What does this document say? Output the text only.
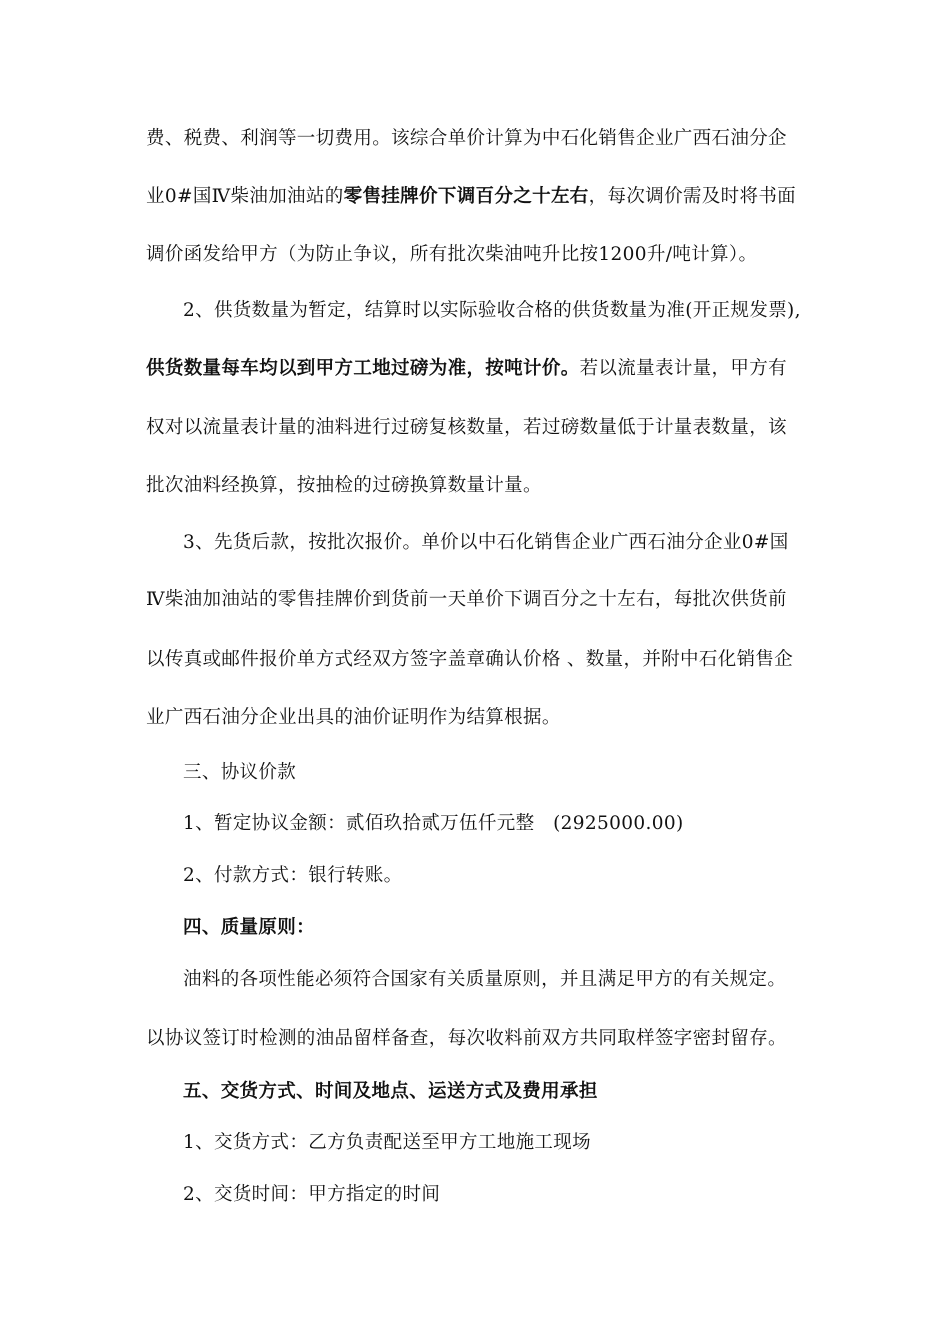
费、税费、利润等一切费用。该综合单价计算为中石化销售企业广西石油分企
业0#国Ⅳ柴油加油站的零售挂牌价下调百分之十左右，每次调价需及时将书面
调价函发给甲方（为防止争议，所有批次柴油吨升比按1200升/吨计算）。
2、供货数量为暂定，结算时以实际验收合格的供货数量为准(开正规发票),
供货数量每车均以到甲方工地过磅为准，按吨计价。若以流量表计量，甲方有
权对以流量表计量的油料进行过磅复核数量，若过磅数量低于计量表数量，该
批次油料经换算，按抽检的过磅换算数量计量。
3、先货后款，按批次报价。单价以中石化销售企业广西石油分企业0#国
Ⅳ柴油加油站的零售挂牌价到货前一天单价下调百分之十左右，每批次供货前
以传真或邮件报价单方式经双方签字盖章确认价格 、数量，并附中石化销售企
业广西石油分企业出具的油价证明作为结算根据。
三、协议价款
1、暂定协议金额：贰佰玖拾贰万伍仟元整   (2925000.00)
2、付款方式：银行转账。
四、质量原则：
油料的各项性能必须符合国家有关质量原则，并且满足甲方的有关规定。
以协议签订时检测的油品留样备查，每次收料前双方共同取样签字密封留存。
五、交货方式、时间及地点、运送方式及费用承担
1、交货方式：乙方负责配送至甲方工地施工现场
2、交货时间：甲方指定的时间
